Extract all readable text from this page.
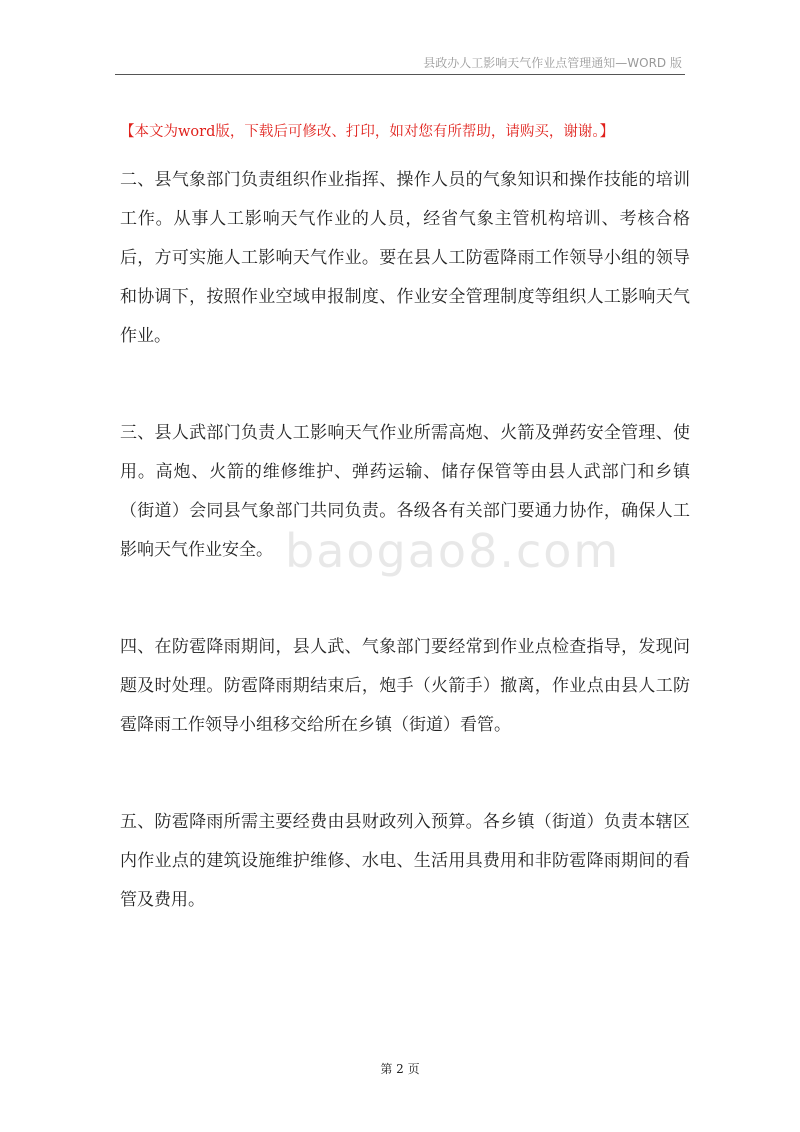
县政办人工影响天气作业点管理通知—WORD 版
【本文为word版，下载后可修改、打印，如对您有所帮助，请购买，谢谢。】
二、县气象部门负责组织作业指挥、操作人员的气象知识和操作技能的培训工作。从事人工影响天气作业的人员，经省气象主管机构培训、考核合格后，方可实施人工影响天气作业。要在县人工防雹降雨工作领导小组的领导和协调下，按照作业空域申报制度、作业安全管理制度等组织人工影响天气作业。
三、县人武部门负责人工影响天气作业所需高炮、火箭及弹药安全管理、使用。高炮、火箭的维修维护、弹药运输、储存保管等由县人武部门和乡镇（街道）会同县气象部门共同负责。各级各有关部门要通力协作，确保人工影响天气作业安全。
四、在防雹降雨期间，县人武、气象部门要经常到作业点检查指导，发现问题及时处理。防雹降雨期结束后，炮手（火箭手）撤离，作业点由县人工防雹降雨工作领导小组移交给所在乡镇（街道）看管。
五、防雹降雨所需主要经费由县财政列入预算。各乡镇（街道）负责本辖区内作业点的建筑设施维护维修、水电、生活用具费用和非防雹降雨期间的看管及费用。
baogao8.com
第 2 页
